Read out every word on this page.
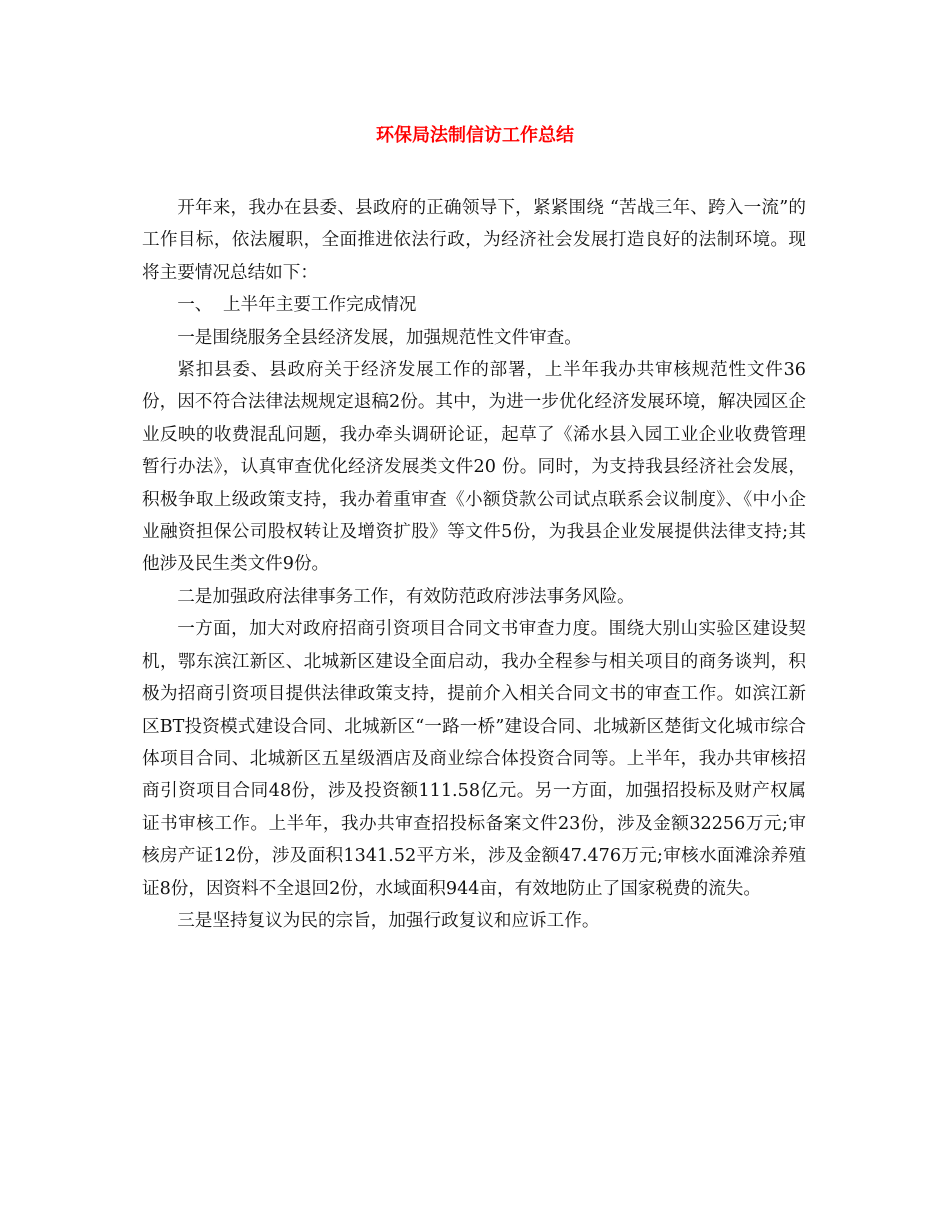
环保局法制信访工作总结

开年来，我办在县委、县政府的正确领导下，紧紧围绕 “苦战三年、跨入一流”的工作目标，依法履职，全面推进依法行政，为经济社会发展打造良好的法制环境。现将主要情况总结如下：

一、 上半年主要工作完成情况

一是围绕服务全县经济发展，加强规范性文件审查。

紧扣县委、县政府关于经济发展工作的部署，上半年我办共审核规范性文件36份，因不符合法律法规规定退稿2份。其中，为进一步优化经济发展环境，解决园区企业反映的收费混乱问题，我办牵头调研论证，起草了《浠水县入园工业企业收费管理暂行办法》，认真审查优化经济发展类文件20 份。同时，为支持我县经济社会发展，积极争取上级政策支持，我办着重审查《小额贷款公司试点联系会议制度》、《中小企业融资担保公司股权转让及增资扩股》等文件5份，为我县企业发展提供法律支持;其他涉及民生类文件9份。

二是加强政府法律事务工作，有效防范政府涉法事务风险。

一方面，加大对政府招商引资项目合同文书审查力度。围绕大别山实验区建设契机，鄂东滨江新区、北城新区建设全面启动，我办全程参与相关项目的商务谈判，积极为招商引资项目提供法律政策支持，提前介入相关合同文书的审查工作。如滨江新区BT投资模式建设合同、北城新区“一路一桥”建设合同、北城新区楚街文化城市综合体项目合同、北城新区五星级酒店及商业综合体投资合同等。上半年，我办共审核招商引资项目合同48份，涉及投资额111.58亿元。另一方面，加强招投标及财产权属证书审核工作。上半年，我办共审查招投标备案文件23份，涉及金额32256万元;审核房产证12份，涉及面积1341.52平方米，涉及金额47.476万元;审核水面滩涂养殖证8份，因资料不全退回2份，水域面积944亩，有效地防止了国家税费的流失。

三是坚持复议为民的宗旨，加强行政复议和应诉工作。
